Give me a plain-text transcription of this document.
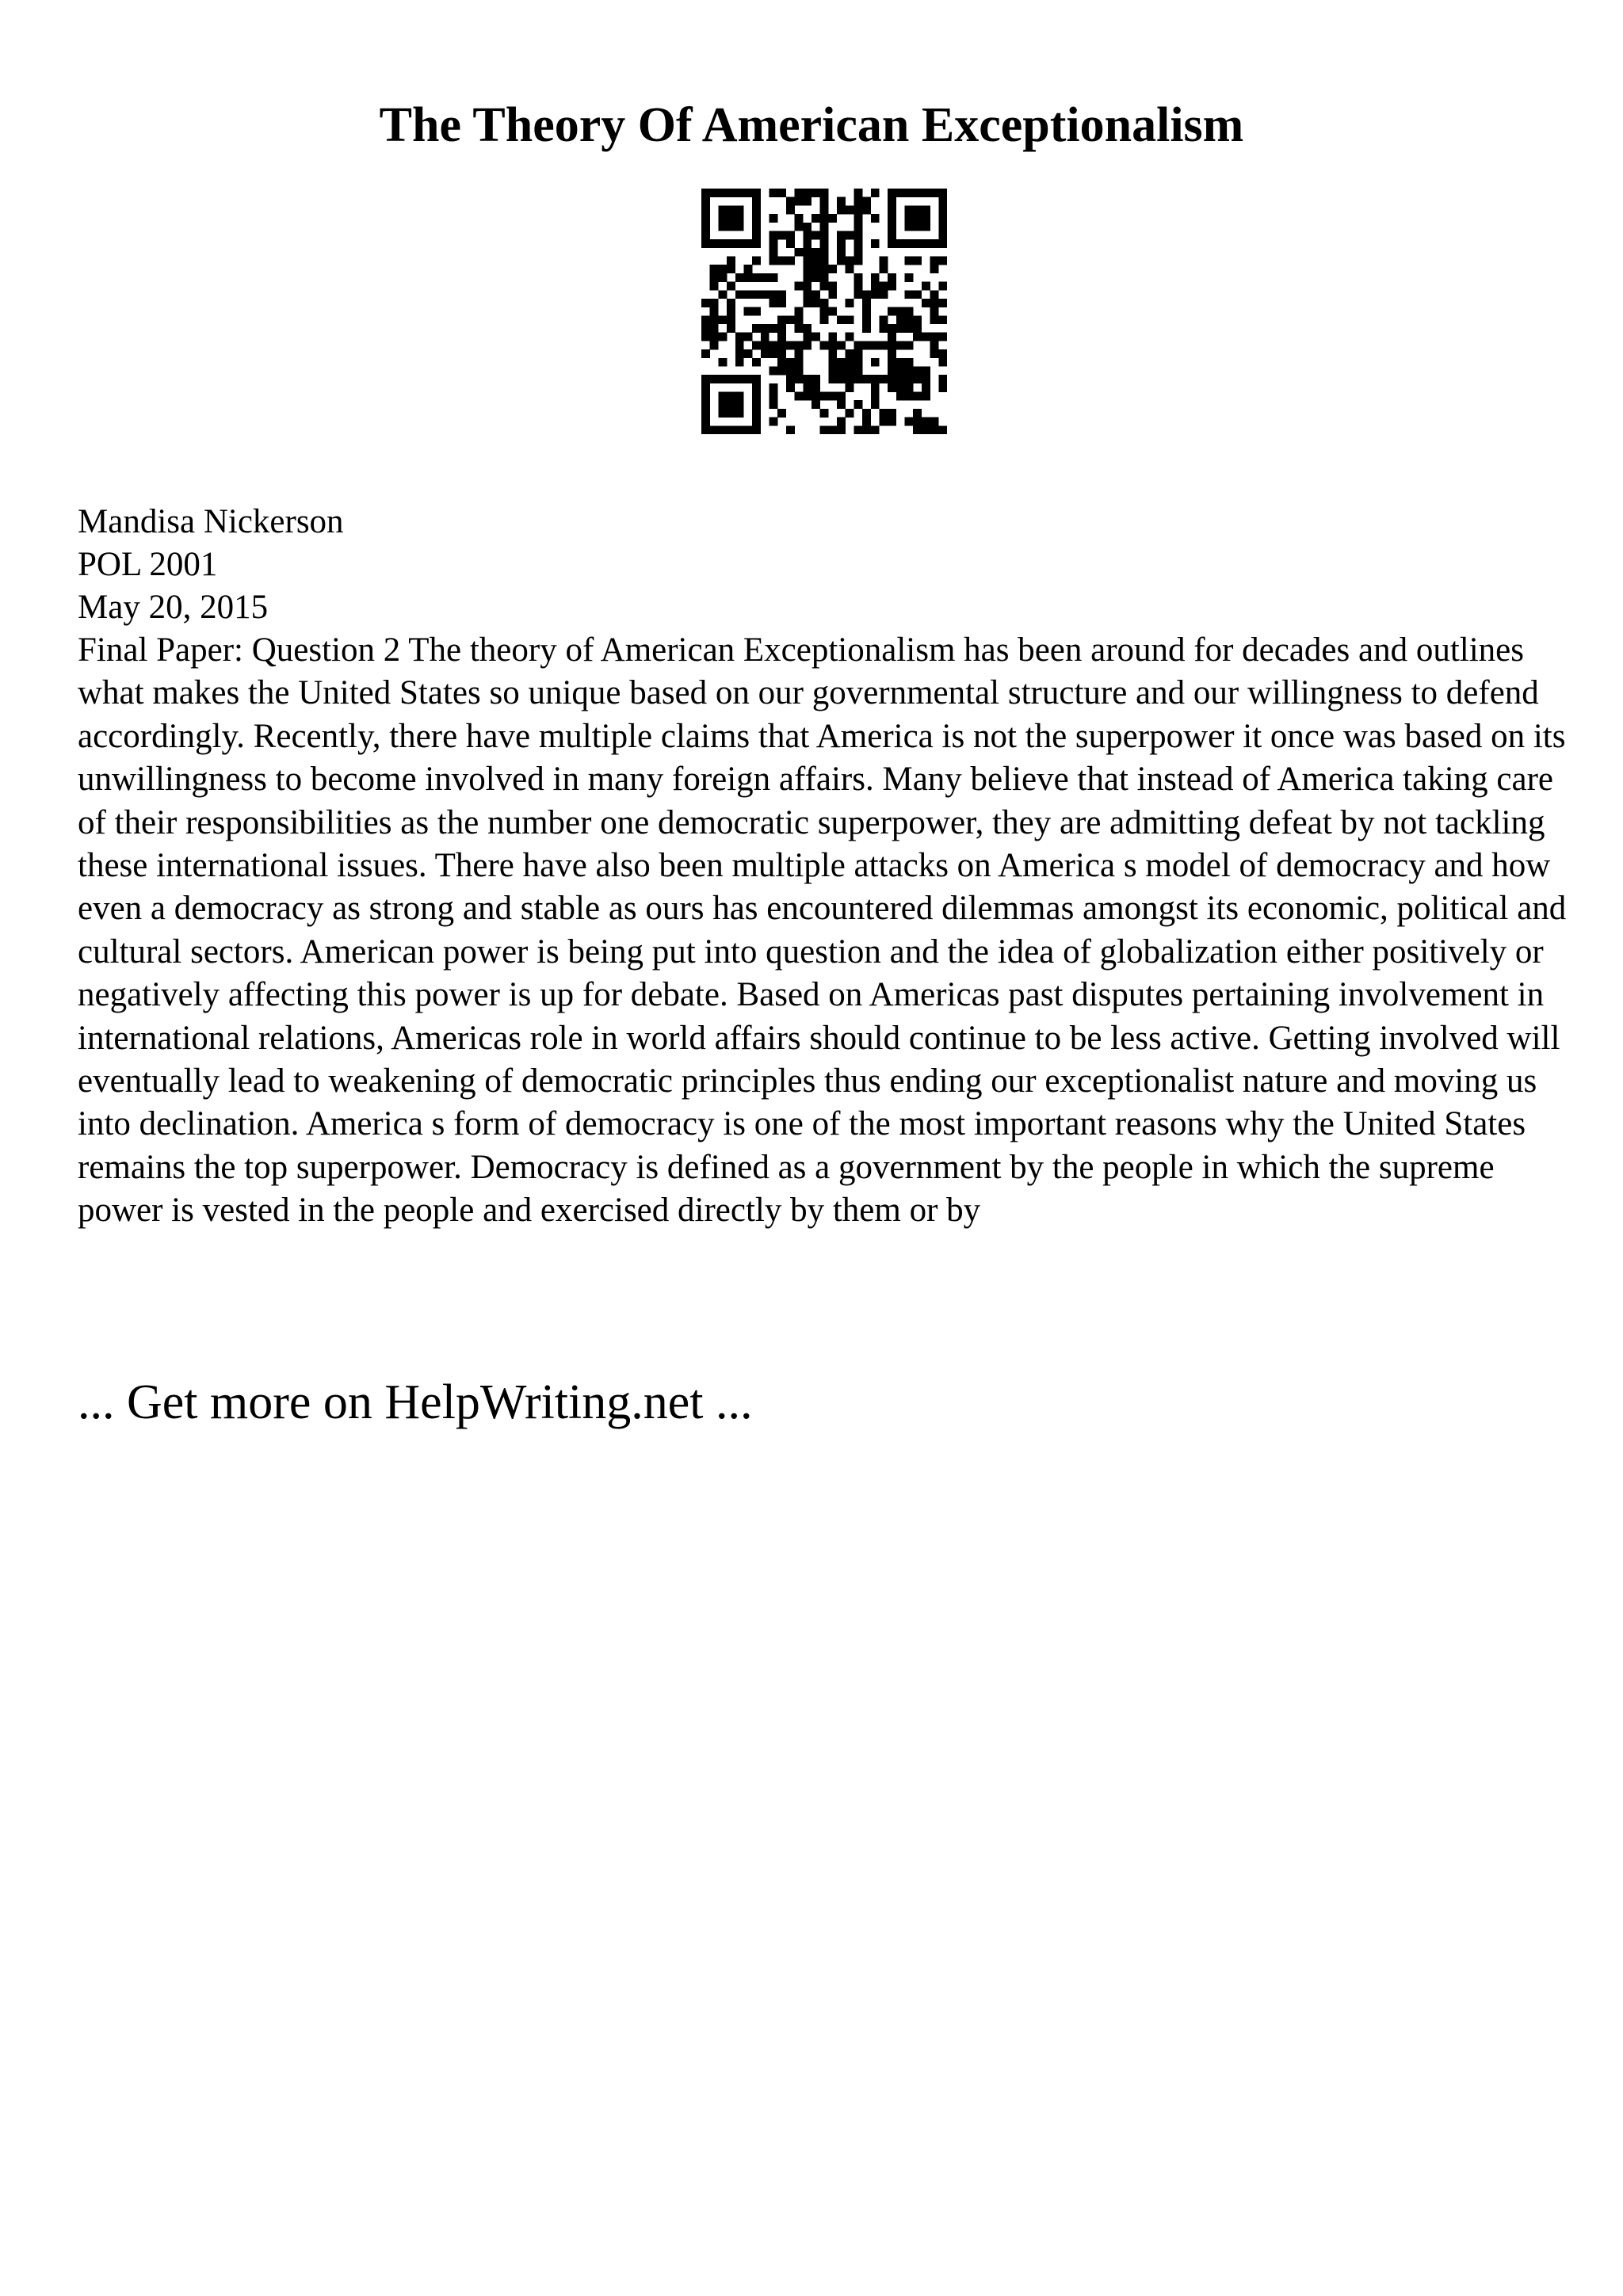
The Theory Of American Exceptionalism
Mandisa Nickerson
POL 2001
May 20, 2015

Final Paper: Question 2 The theory of American Exceptionalism has been around for decades and outlines what makes the United States so unique based on our governmental structure and our willingness to defend accordingly. Recently, there have multiple claims that America is not the superpower it once was based on its unwillingness to become involved in many foreign affairs. Many believe that instead of America taking care of their responsibilities as the number one democratic superpower, they are admitting defeat by not tackling these international issues. There have also been multiple attacks on America s model of democracy and how even a democracy as strong and stable as ours has encountered dilemmas amongst its economic, political and cultural sectors. American power is being put into question and the idea of globalization either positively or negatively affecting this power is up for debate. Based on Americas past disputes pertaining involvement in international relations, Americas role in world affairs should continue to be less active. Getting involved will eventually lead to weakening of democratic principles thus ending our exceptionalist nature and moving us into declination. America s form of democracy is one of the most important reasons why the United States remains the top superpower. Democracy is defined as a government by the people in which the supreme power is vested in the people and exercised directly by them or by

... Get more on HelpWriting.net ...
